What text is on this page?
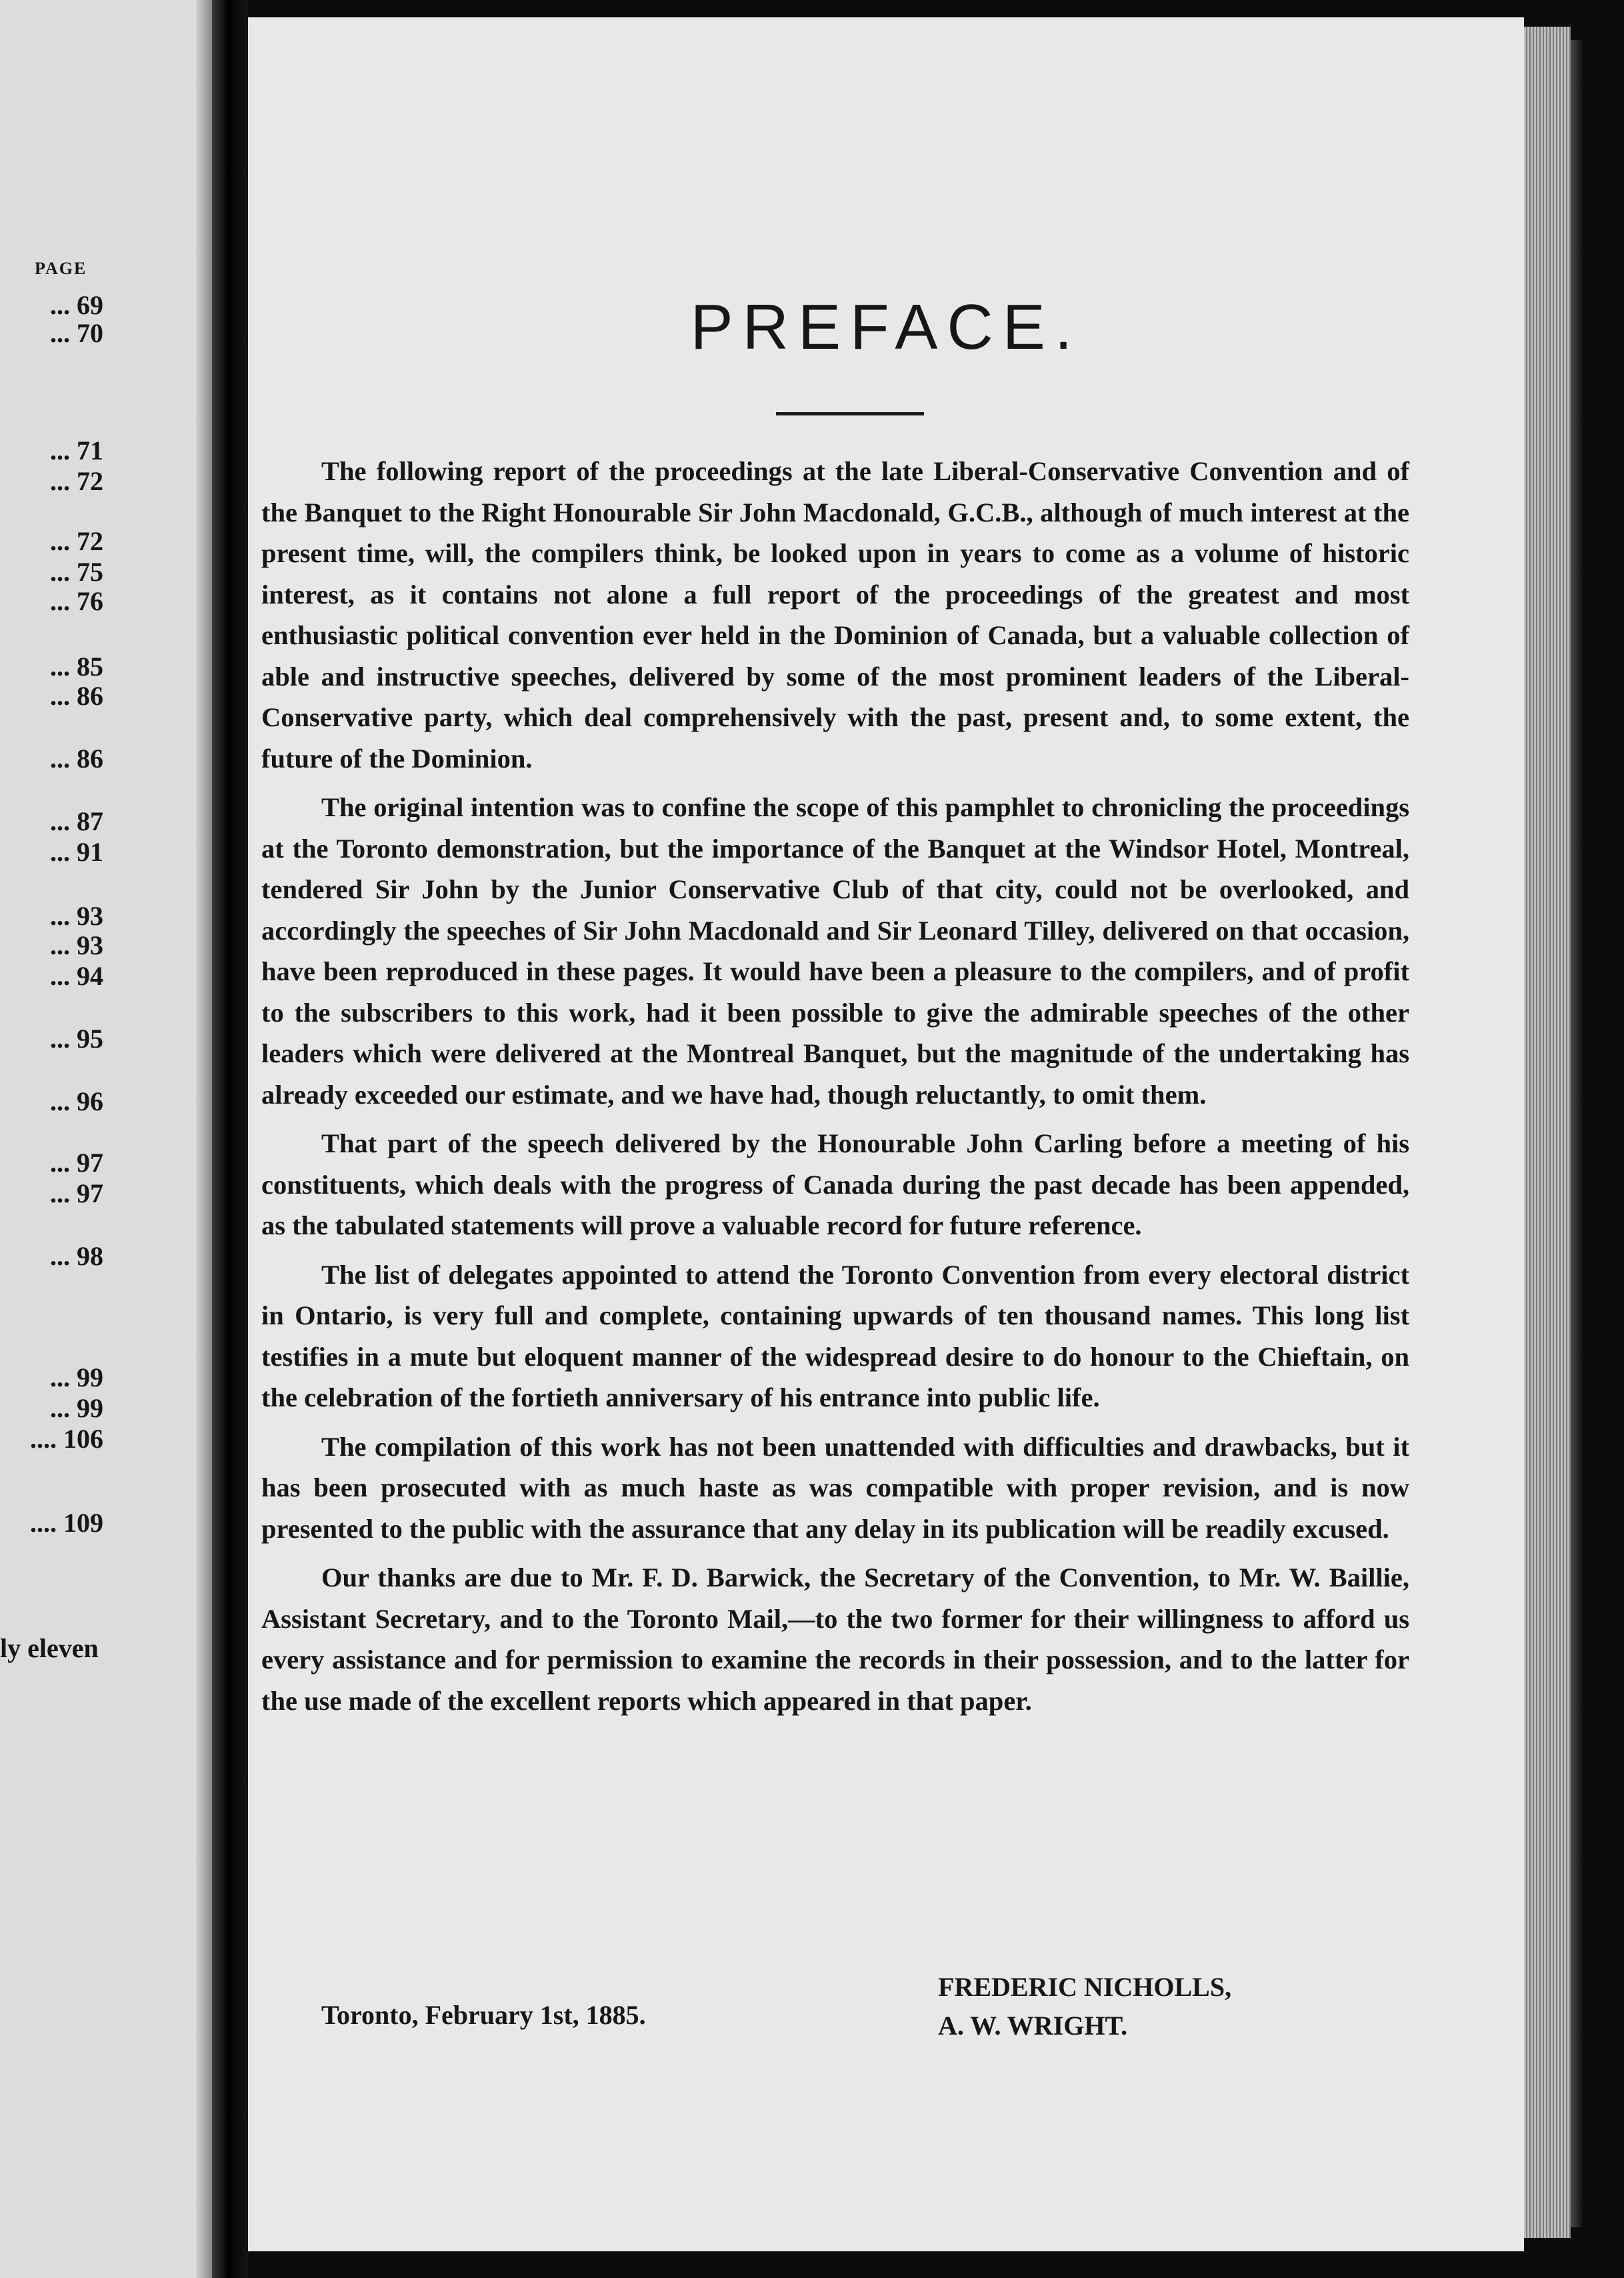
PAGE
... 69
... 70
... 71
... 72
... 72
... 75
... 76
... 85
... 86
... 86
... 87
... 91
... 93
... 93
... 94
... 95
... 96
... 97
... 97
... 98
... 99
... 99
.... 106
.... 109
ly eleven
PREFACE.

The following report of the proceedings at the late Liberal-Conservative Convention and of the Banquet to the Right Honourable Sir John Macdonald, G.C.B., although of much interest at the present time, will, the compilers think, be looked upon in years to come as a volume of historic interest, as it contains not alone a full report of the proceedings of the greatest and most enthusiastic political convention ever held in the Dominion of Canada, but a valuable collection of able and instructive speeches, delivered by some of the most prominent leaders of the Liberal-Conservative party, which deal comprehensively with the past, present and, to some extent, the future of the Dominion.

The original intention was to confine the scope of this pamphlet to chronicling the proceedings at the Toronto demonstration, but the importance of the Banquet at the Windsor Hotel, Montreal, tendered Sir John by the Junior Conservative Club of that city, could not be overlooked, and accordingly the speeches of Sir John Macdonald and Sir Leonard Tilley, delivered on that occasion, have been reproduced in these pages. It would have been a pleasure to the compilers, and of profit to the subscribers to this work, had it been possible to give the admirable speeches of the other leaders which were delivered at the Montreal Banquet, but the magnitude of the undertaking has already exceeded our estimate, and we have had, though reluctantly, to omit them.

That part of the speech delivered by the Honourable John Carling before a meeting of his constituents, which deals with the progress of Canada during the past decade has been appended, as the tabulated statements will prove a valuable record for future reference.

The list of delegates appointed to attend the Toronto Convention from every electoral district in Ontario, is very full and complete, containing upwards of ten thousand names. This long list testifies in a mute but eloquent manner of the widespread desire to do honour to the Chieftain, on the celebration of the fortieth anniversary of his entrance into public life.

The compilation of this work has not been unattended with difficulties and drawbacks, but it has been prosecuted with as much haste as was compatible with proper revision, and is now presented to the public with the assurance that any delay in its publication will be readily excused.

Our thanks are due to Mr. F. D. Barwick, the Secretary of the Convention, to Mr. W. Baillie, Assistant Secretary, and to the Toronto Mail,—to the two former for their willingness to afford us every assistance and for permission to examine the records in their possession, and to the latter for the use made of the excellent reports which appeared in that paper.

Toronto, February 1st, 1885.
FREDERIC NICHOLLS,
A. W. WRIGHT.
